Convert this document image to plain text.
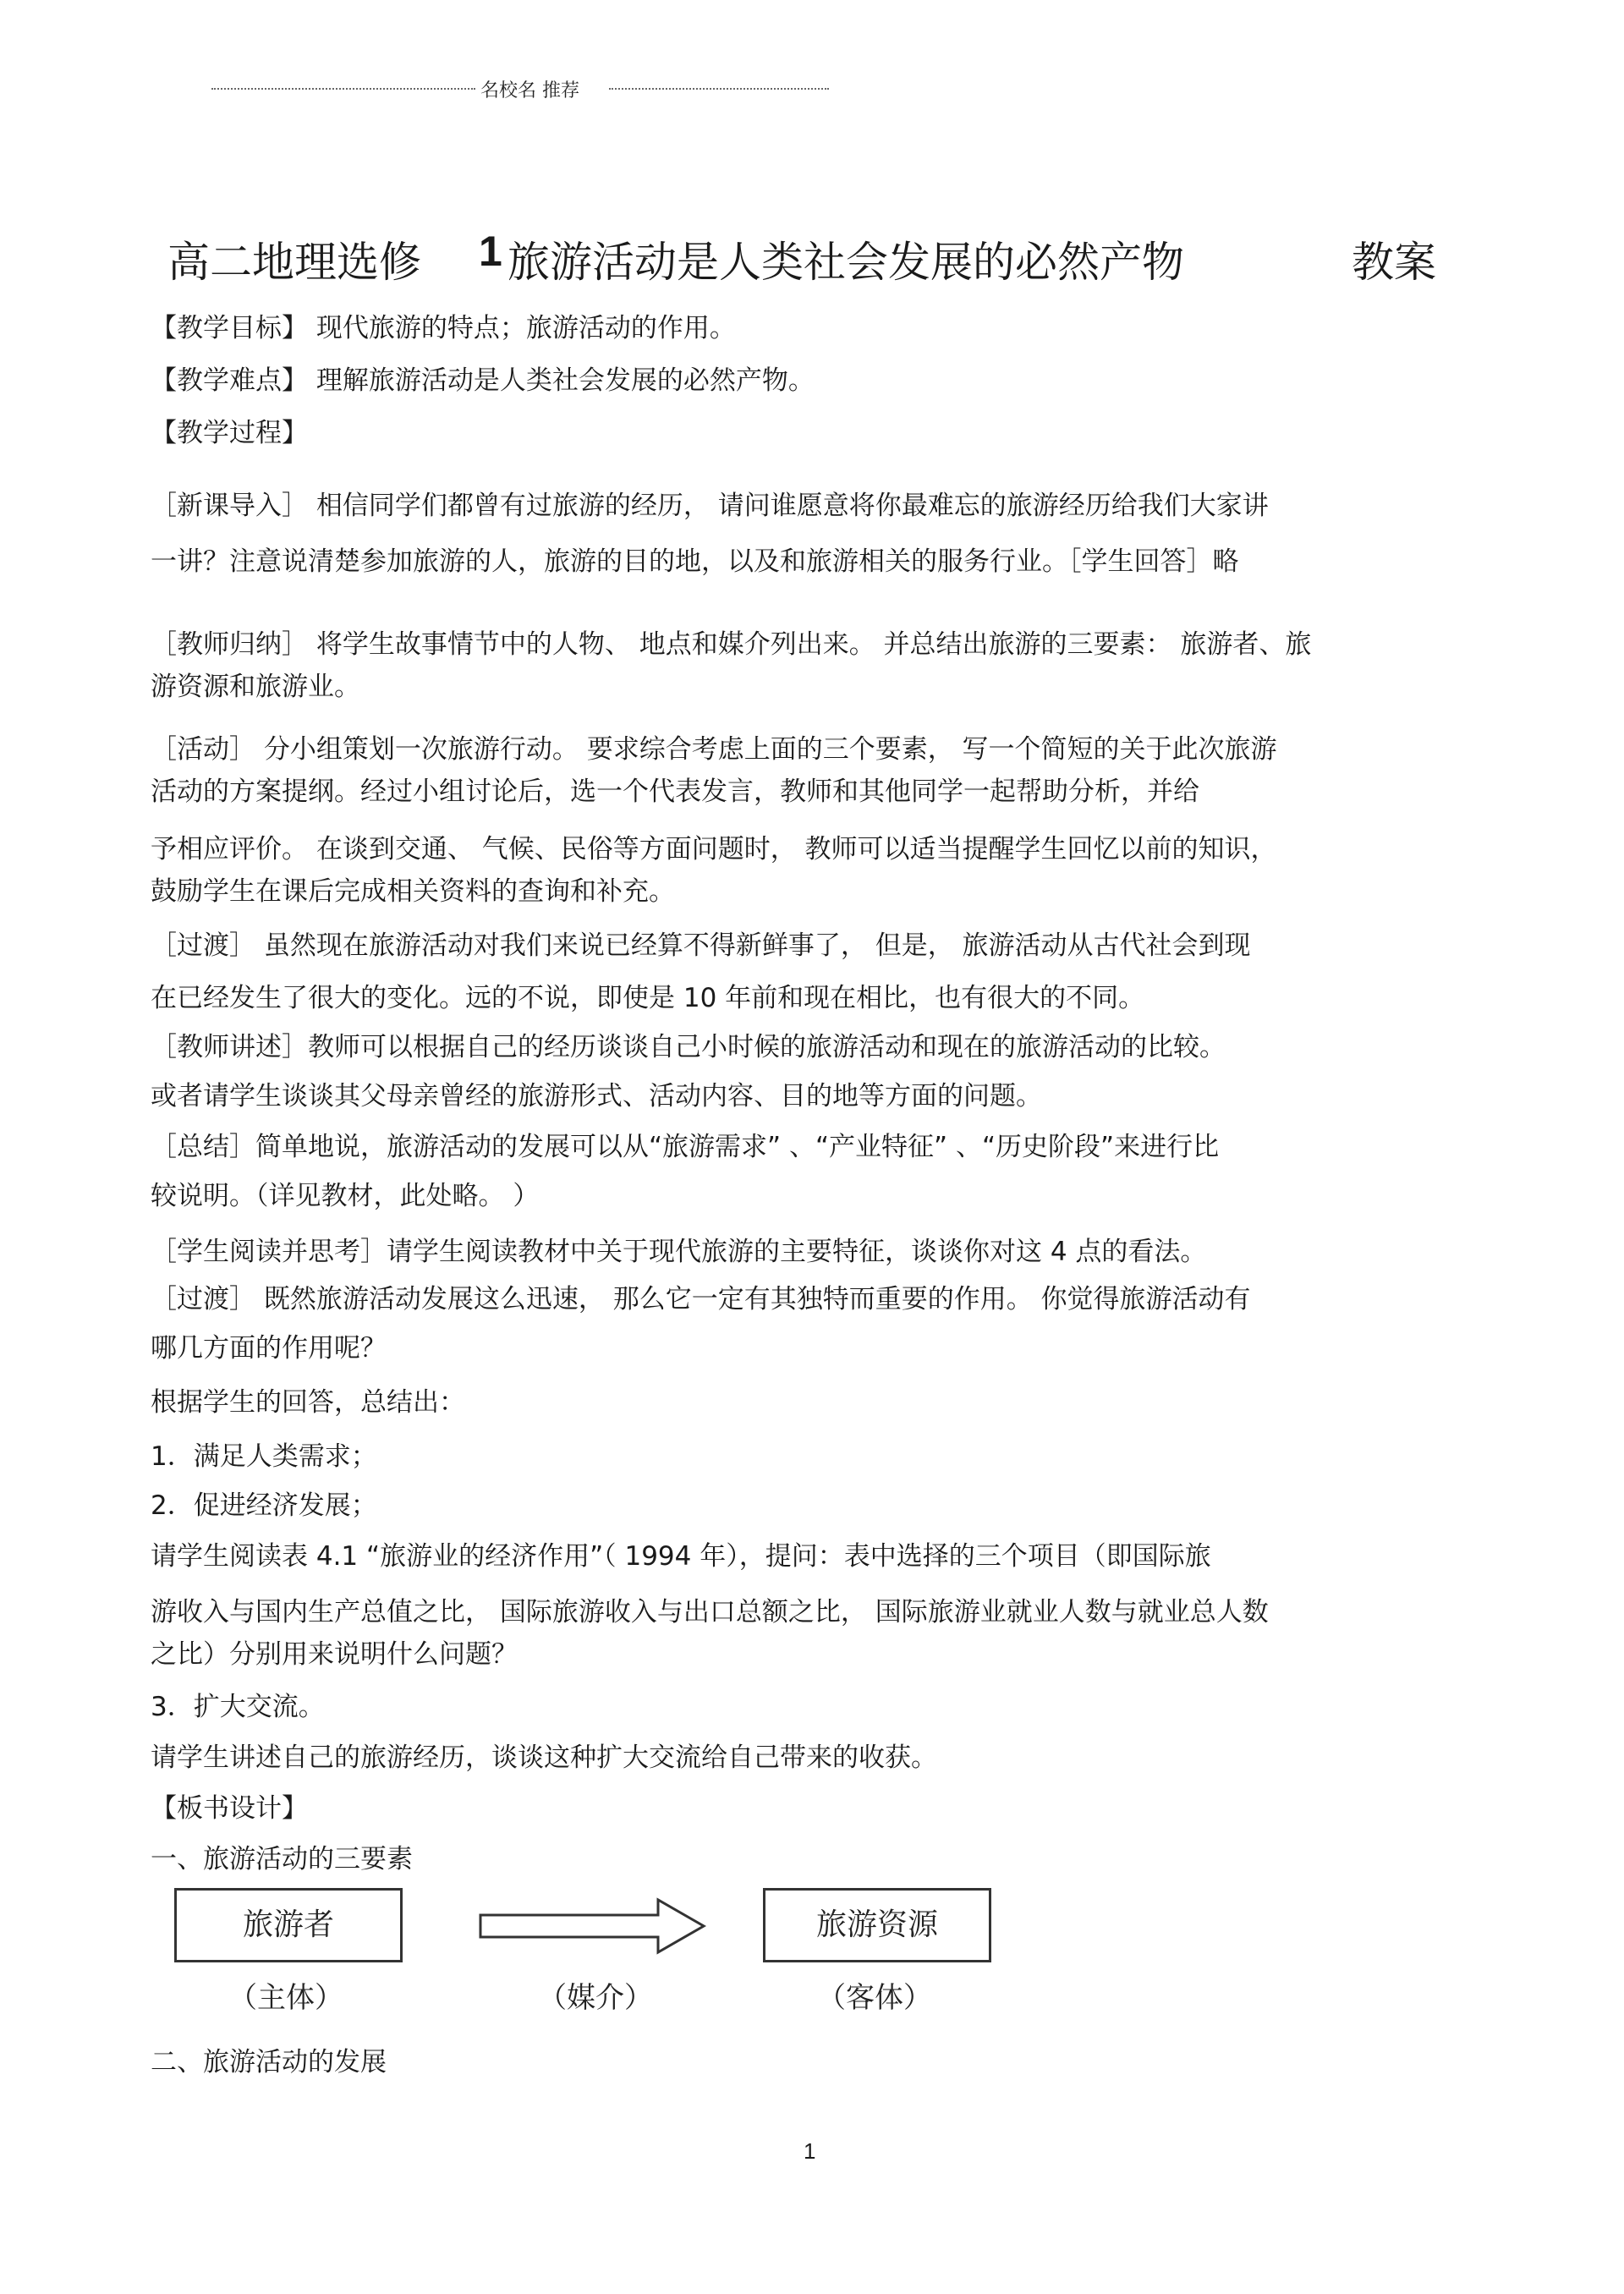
名校名 推荐
高二地理选修 1 旅游活动是人类社会发展的必然产物	教案
【教学目标】 现代旅游的特点；旅游活动的作用。
【教学难点】 理解旅游活动是人类社会发展的必然产物。
【教学过程】
［新课导入］ 相信同学们都曾有过旅游的经历， 请问谁愿意将你最难忘的旅游经历给我们大家讲
一讲？注意说清楚参加旅游的人，旅游的目的地，以及和旅游相关的服务行业。［学生回答］略
［教师归纳］ 将学生故事情节中的人物、 地点和媒介列出来。 并总结出旅游的三要素： 旅游者、旅
游资源和旅游业。
［活动］ 分小组策划一次旅游行动。 要求综合考虑上面的三个要素， 写一个简短的关于此次旅游
活动的方案提纲。经过小组讨论后，选一个代表发言，教师和其他同学一起帮助分析，并给
予相应评价。 在谈到交通、 气候、民俗等方面问题时， 教师可以适当提醒学生回忆以前的知识，
鼓励学生在课后完成相关资料的查询和补充。
［过渡］ 虽然现在旅游活动对我们来说已经算不得新鲜事了， 但是， 旅游活动从古代社会到现
在已经发生了很大的变化。远的不说，即使是 10 年前和现在相比，也有很大的不同。
［教师讲述］教师可以根据自己的经历谈谈自己小时候的旅游活动和现在的旅游活动的比较。
或者请学生谈谈其父母亲曾经的旅游形式、活动内容、目的地等方面的问题。
［总结］简单地说，旅游活动的发展可以从“旅游需求” 、“产业特征” 、“历史阶段”来进行比
较说明。（详见教材，此处略。 ）
［学生阅读并思考］请学生阅读教材中关于现代旅游的主要特征，谈谈你对这 4 点的看法。
［过渡］ 既然旅游活动发展这么迅速， 那么它一定有其独特而重要的作用。 你觉得旅游活动有
哪几方面的作用呢？
根据学生的回答，总结出：
1．满足人类需求；
2．促进经济发展；
请学生阅读表 4.1 “旅游业的经济作用”（ 1994 年），提问：表中选择的三个项目（即国际旅
游收入与国内生产总值之比， 国际旅游收入与出口总额之比， 国际旅游业就业人数与就业总人数
之比）分别用来说明什么问题？
3．扩大交流。
请学生讲述自己的旅游经历，谈谈这种扩大交流给自己带来的收获。
【板书设计】
一、旅游活动的三要素
旅游者	旅游资源
（主体）	（媒介）	（客体）
二、旅游活动的发展
1
